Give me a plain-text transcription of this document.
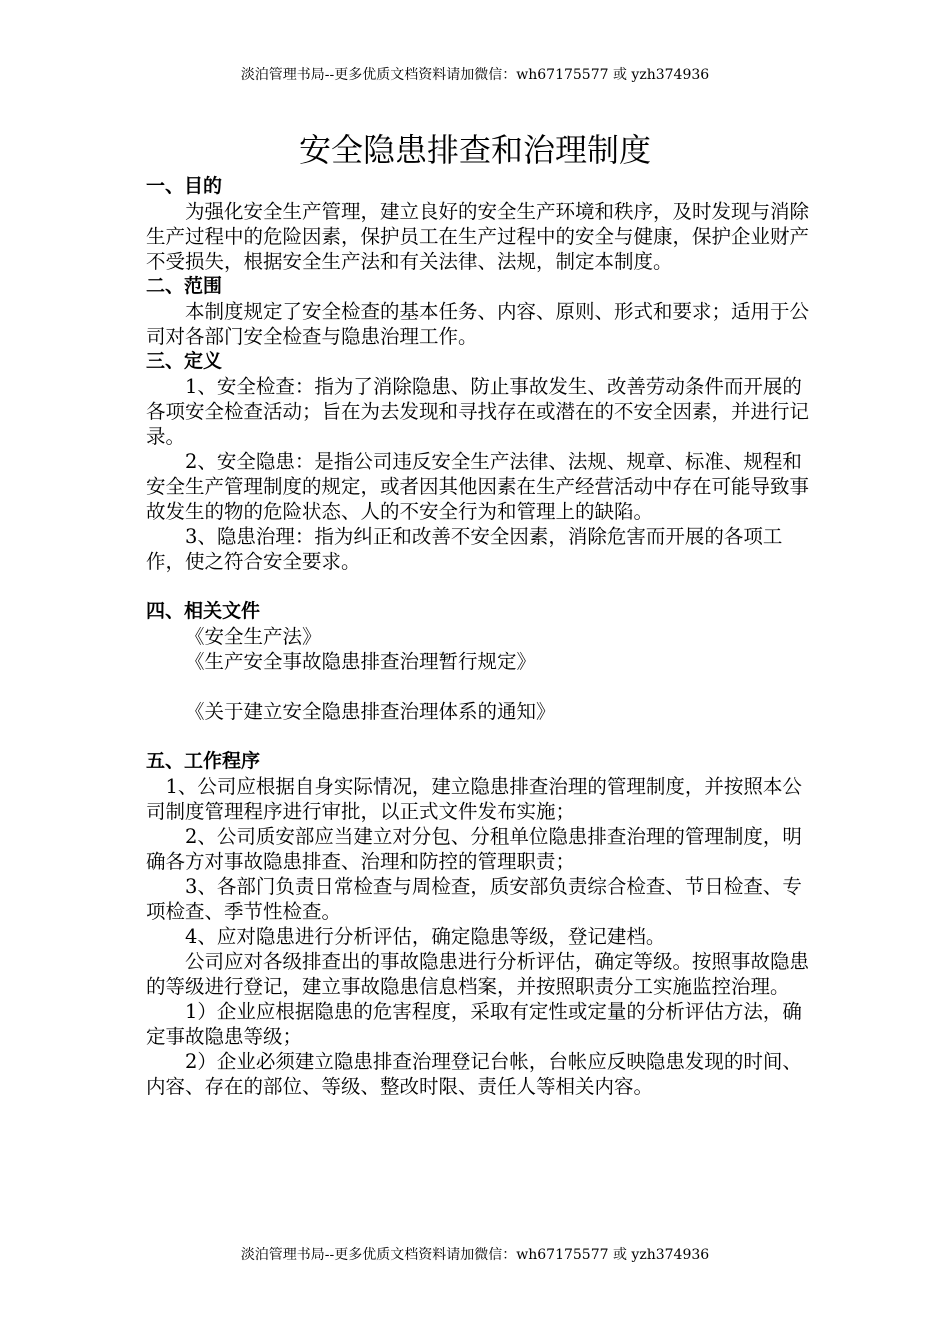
淡泊管理书局--更多优质文档资料请加微信：wh67175577 或 yzh374936
安全隐患排查和治理制度

一、目的

为强化安全生产管理，建立良好的安全生产环境和秩序，及时发现与消除生产过程中的危险因素，保护员工在生产过程中的安全与健康，保护企业财产不受损失，根据安全生产法和有关法律、法规，制定本制度。

二、范围

本制度规定了安全检查的基本任务、内容、原则、形式和要求；适用于公司对各部门安全检查与隐患治理工作。

三、定义

1、安全检查：指为了消除隐患、防止事故发生、改善劳动条件而开展的各项安全检查活动；旨在为去发现和寻找存在或潜在的不安全因素，并进行记录。

2、安全隐患：是指公司违反安全生产法律、法规、规章、标准、规程和安全生产管理制度的规定，或者因其他因素在生产经营活动中存在可能导致事故发生的物的危险状态、人的不安全行为和管理上的缺陷。

3、隐患治理：指为纠正和改善不安全因素，消除危害而开展的各项工作，使之符合安全要求。

四、相关文件

《安全生产法》

《生产安全事故隐患排查治理暂行规定》

《关于建立安全隐患排查治理体系的通知》

五、工作程序

1、公司应根据自身实际情况，建立隐患排查治理的管理制度，并按照本公司制度管理程序进行审批，以正式文件发布实施；

2、公司质安部应当建立对分包、分租单位隐患排查治理的管理制度，明确各方对事故隐患排查、治理和防控的管理职责；

3、各部门负责日常检查与周检查，质安部负责综合检查、节日检查、专项检查、季节性检查。

4、应对隐患进行分析评估，确定隐患等级，登记建档。

公司应对各级排查出的事故隐患进行分析评估，确定等级。按照事故隐患的等级进行登记，建立事故隐患信息档案，并按照职责分工实施监控治理。

1）企业应根据隐患的危害程度，采取有定性或定量的分析评估方法，确定事故隐患等级；

2）企业必须建立隐患排查治理登记台帐，台帐应反映隐患发现的时间、内容、存在的部位、等级、整改时限、责任人等相关内容。

淡泊管理书局--更多优质文档资料请加微信：wh67175577 或 yzh374936
